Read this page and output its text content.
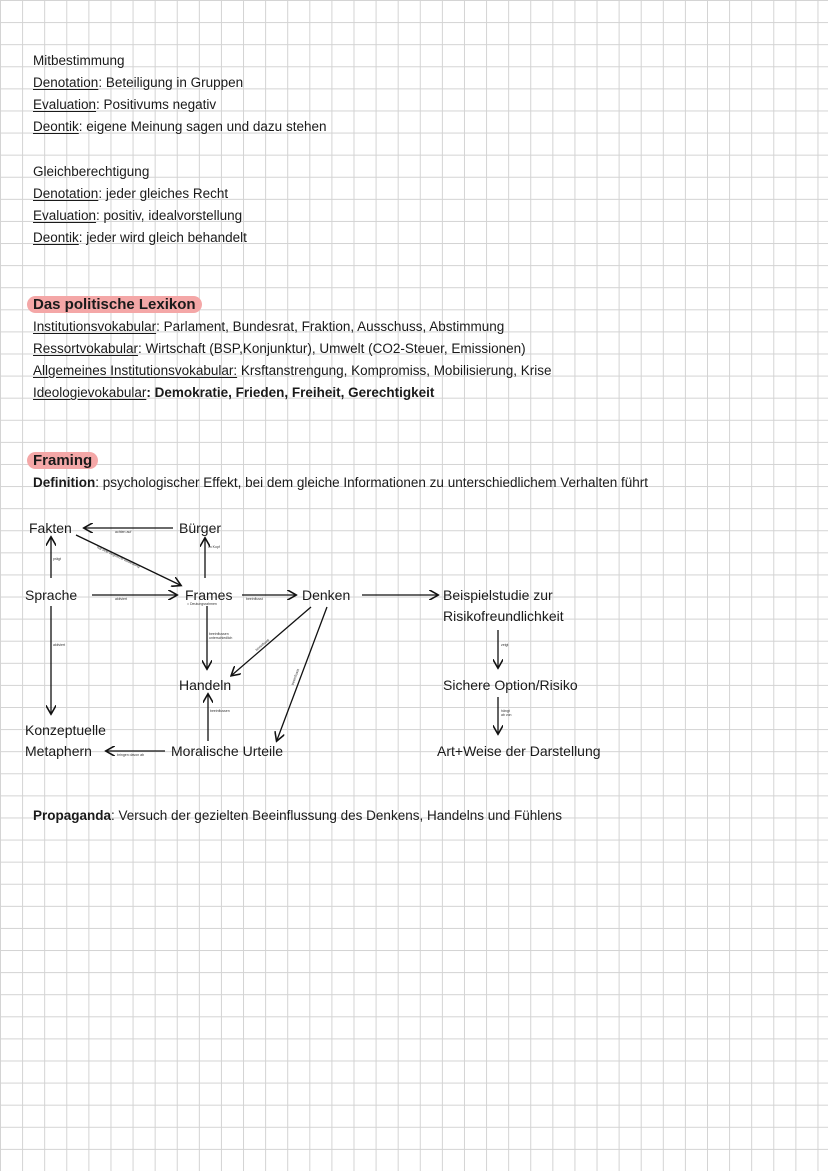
Mitbestimmung
Denotation: Beteiligung in Gruppen
Evaluation: Positivums negativ
Deontik: eigene Meinung sagen und dazu stehen
Gleichberechtigung
Denotation: jeder gleiches Recht
Evaluation: positiv, idealvorstellung
Deontik: jeder wird gleich behandelt
Das politische Lexikon
Institutionsvokabular: Parlament, Bundesrat, Fraktion, Ausschuss, Abstimmung
Ressortvokabular: Wirtschaft (BSP,Konjunktur), Umwelt (CO2-Steuer, Emissionen)
Allgemeines Institutionsvokabular: Krsftanstrengung, Kompromiss, Mobilisierung, Krise
Ideologievokabular: Demokratie, Frieden, Freiheit, Gerechtigkeit
Framing
Definition: psychologischer Effekt, bei dem gleiche Informationen zu unterschiedlichem Verhalten führt
Fakten	Bürger
Sprache	Frames	Denken
Handeln
Konzeptuelle
Metaphern	Moralische Urteile
Beispielstudie zur
Risikofreundlichkeit
Sichere Option/Risiko
Art+Weise der Darstellung
achten auf
hat eine begrenzte Bedeutung
prägt
im Kopf
aktiviert
= Deutungsrahmen
beeinflusst
beeinflussen unterschiedlich
beeinflusst
beeinflusst
aktiviert
beeinflussen
bringen davon ab
zeigt
hängt ab von
Propaganda: Versuch der gezielten Beeinflussung des Denkens, Handelns und Fühlens
